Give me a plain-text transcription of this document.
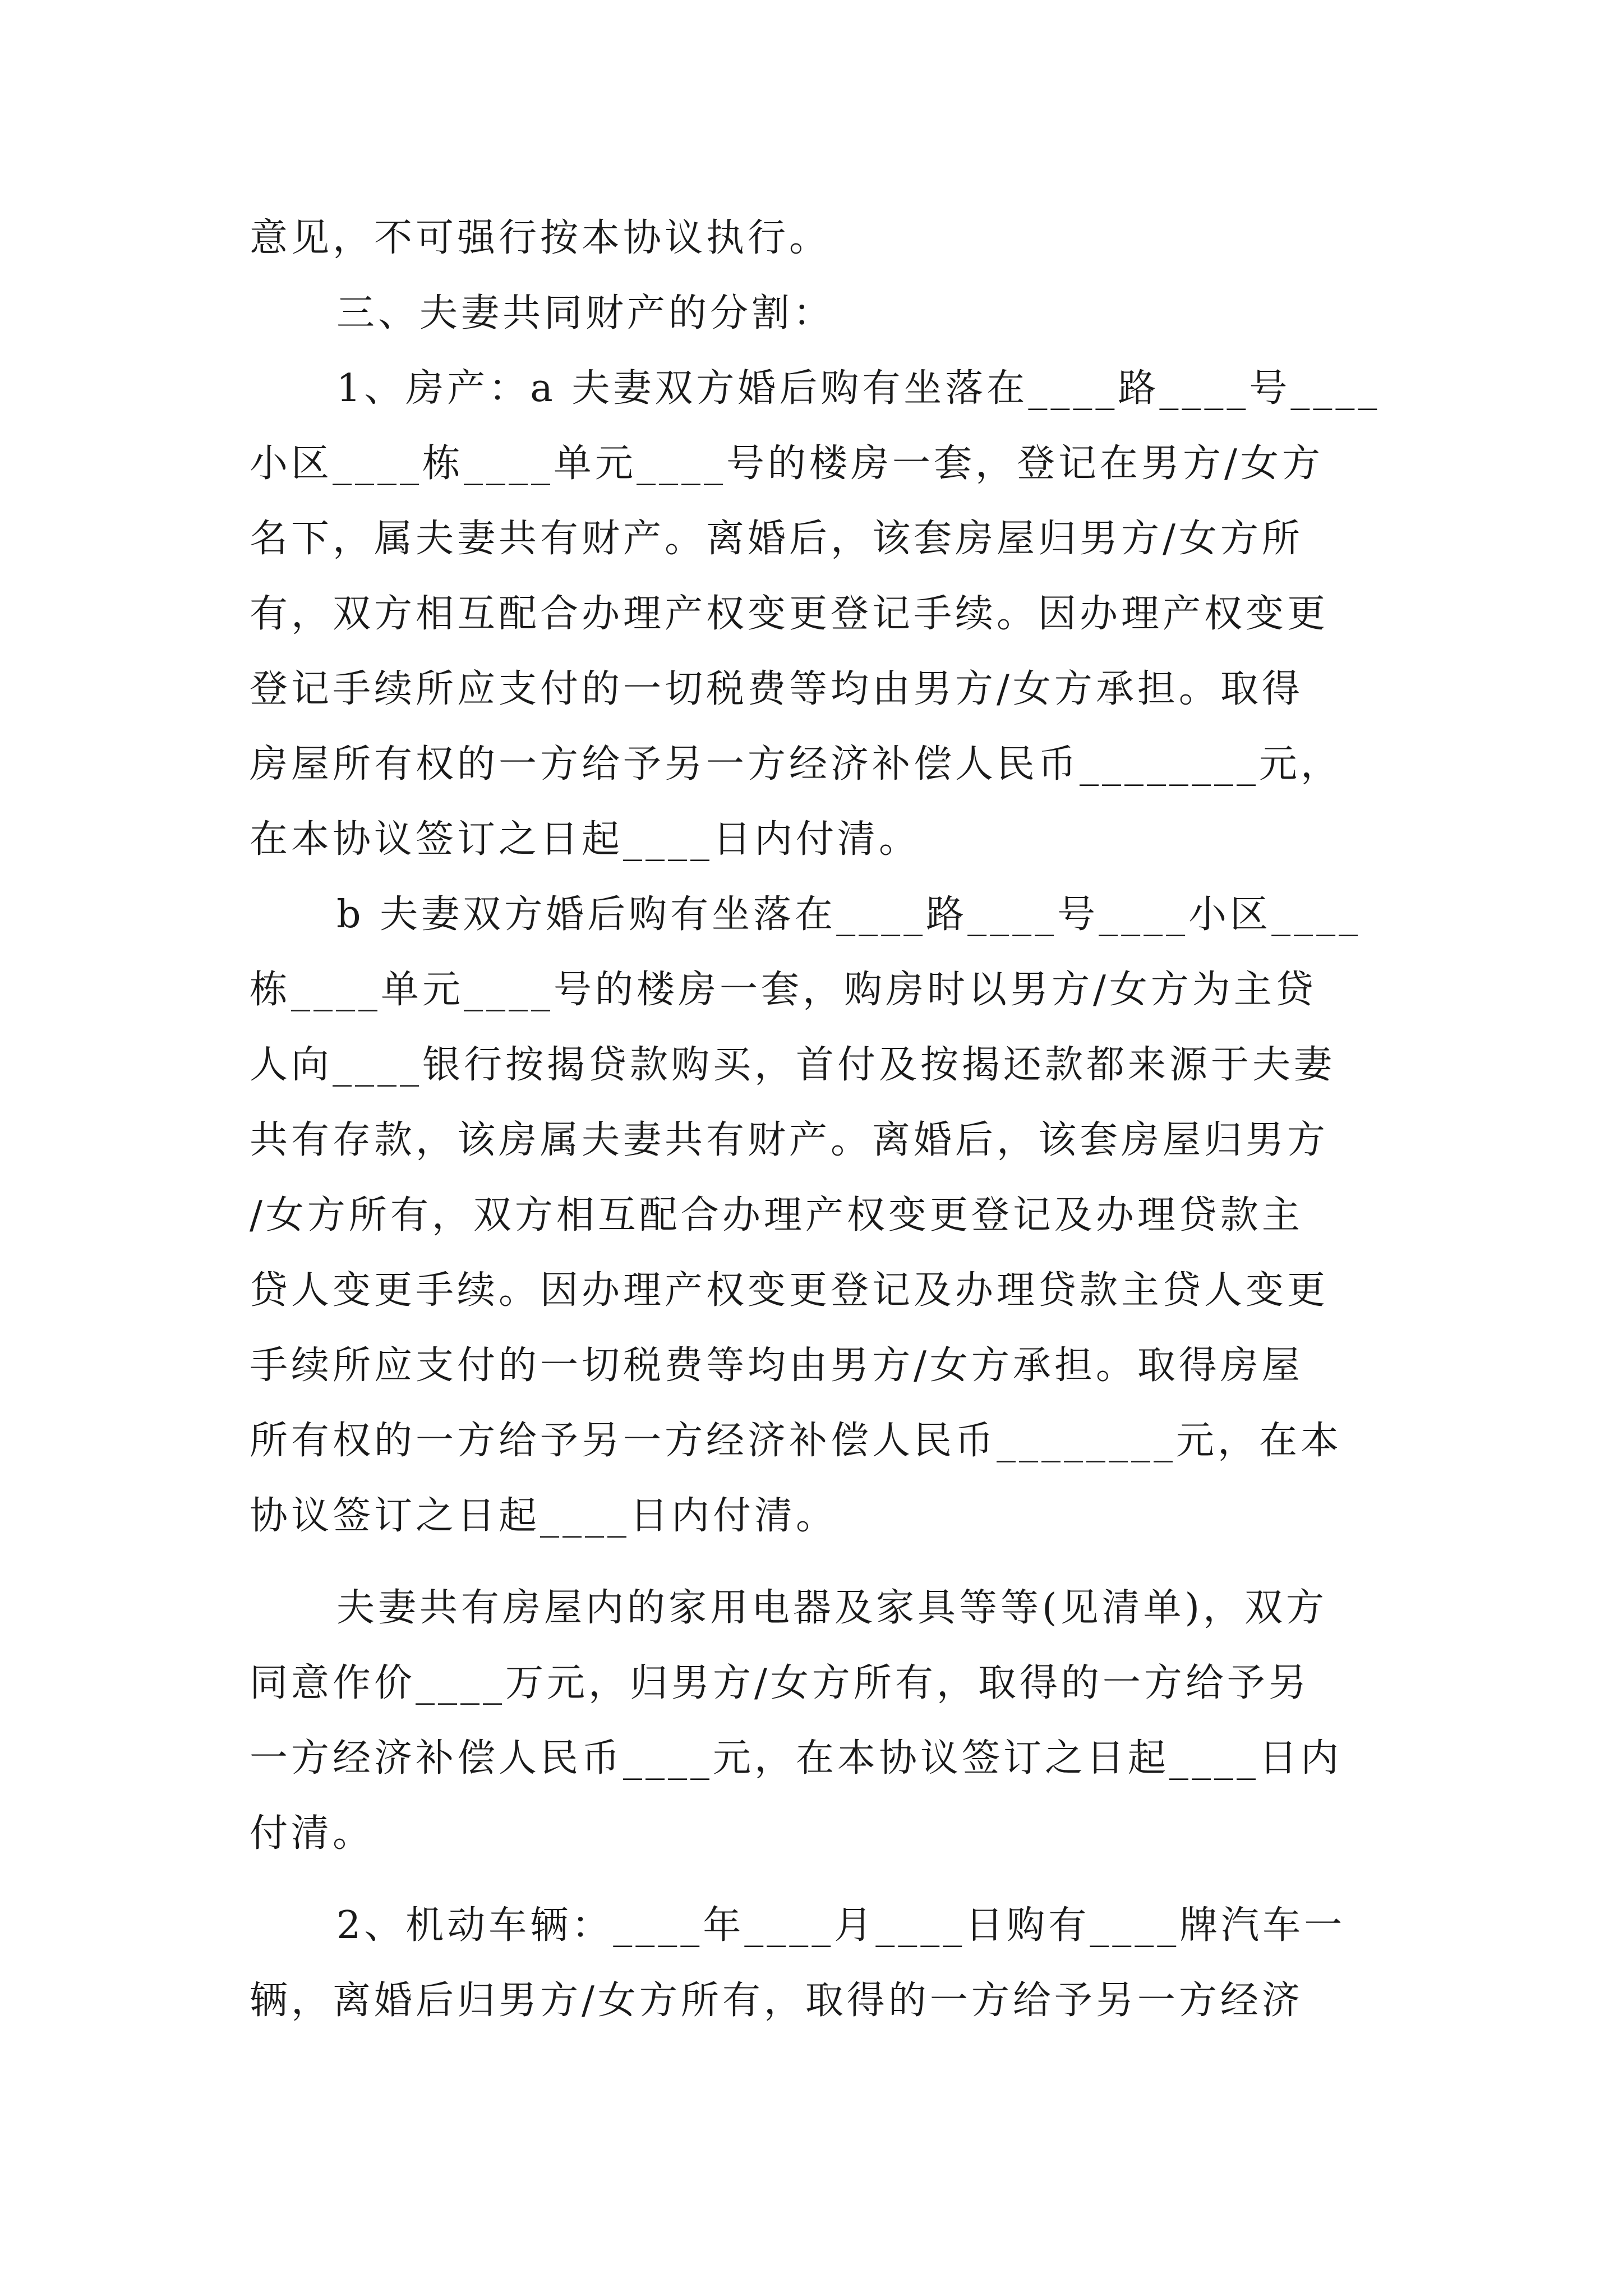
意见，不可强行按本协议执行。
三、夫妻共同财产的分割：
1、房产：a 夫妻双方婚后购有坐落在____路____号____
小区____栋____单元____号的楼房一套，登记在男方/女方
名下，属夫妻共有财产。离婚后，该套房屋归男方/女方所
有，双方相互配合办理产权变更登记手续。因办理产权变更
登记手续所应支付的一切税费等均由男方/女方承担。取得
房屋所有权的一方给予另一方经济补偿人民币________元，
在本协议签订之日起____日内付清。
b 夫妻双方婚后购有坐落在____路____号____小区____
栋____单元____号的楼房一套，购房时以男方/女方为主贷
人向____银行按揭贷款购买，首付及按揭还款都来源于夫妻
共有存款，该房属夫妻共有财产。离婚后，该套房屋归男方
/女方所有，双方相互配合办理产权变更登记及办理贷款主
贷人变更手续。因办理产权变更登记及办理贷款主贷人变更
手续所应支付的一切税费等均由男方/女方承担。取得房屋
所有权的一方给予另一方经济补偿人民币________元，在本
协议签订之日起____日内付清。
夫妻共有房屋内的家用电器及家具等等(见清单)，双方
同意作价____万元，归男方/女方所有，取得的一方给予另
一方经济补偿人民币____元，在本协议签订之日起____日内
付清。
2、机动车辆：____年____月____日购有____牌汽车一
辆，离婚后归男方/女方所有，取得的一方给予另一方经济
